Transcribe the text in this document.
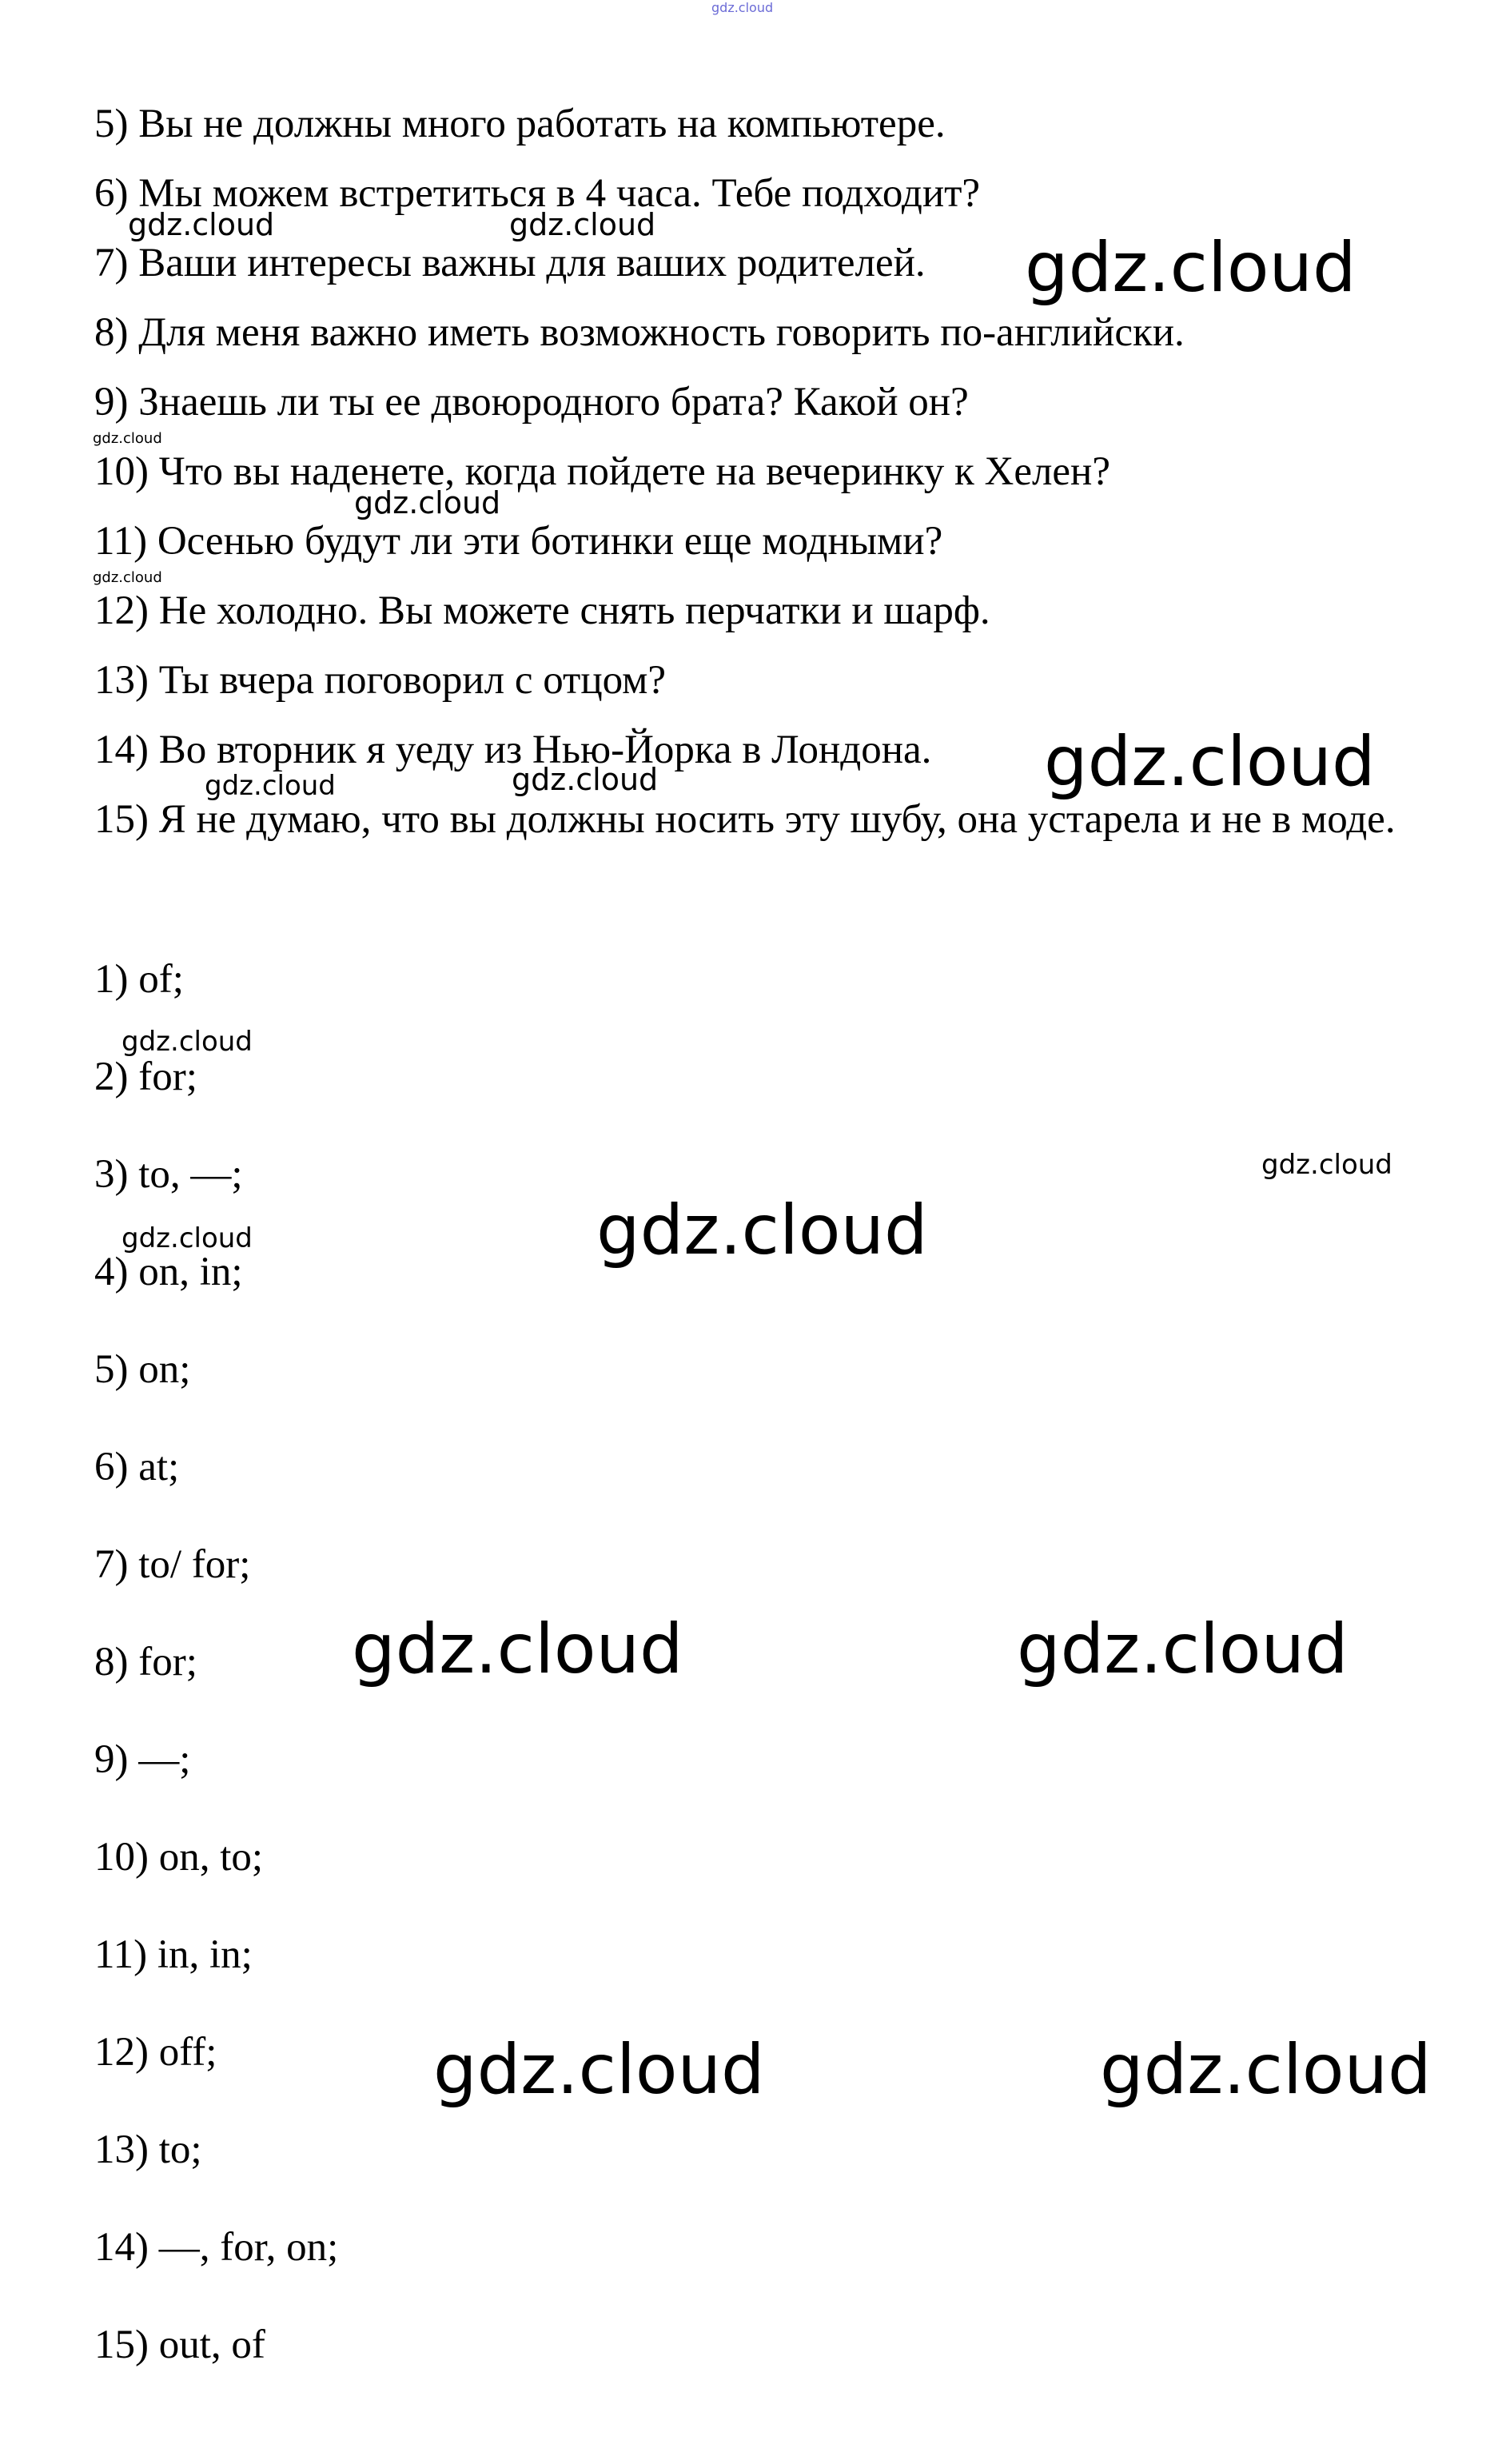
gdz.cloud
5) Вы не должны много работать на компьютере.
6) Мы можем встретиться в 4 часа. Тебе подходит?
7) Ваши интересы важны для ваших родителей.
8) Для меня важно иметь возможность говорить по-английски.
9) Знаешь ли ты ее двоюродного брата? Какой он?
10) Что вы наденете, когда пойдете на вечеринку к Хелен?
11) Осенью будут ли эти ботинки еще модными?
12) Не холодно. Вы можете снять перчатки и шарф.
13) Ты вчера поговорил с отцом?
14) Во вторник я уеду из Нью-Йорка в Лондона.
15) Я не думаю, что вы должны носить эту шубу, она устарела и не в моде.
1) of;
2) for;
3) to, —;
4) on, in;
5) on;
6) at;
7) to/ for;
8) for;
9) —;
10) on, to;
11) in, in;
12) off;
13) to;
14) —, for, on;
15) out, of
gdz.cloud	gdz.cloud
gdz.cloud
gdz.cloud
gdz.cloud
gdz.cloud
gdz.cloud
gdz.cloud	gdz.cloud
gdz.cloud
gdz.cloud
gdz.cloud
gdz.cloud
gdz.cloud	gdz.cloud
gdz.cloud	gdz.cloud
